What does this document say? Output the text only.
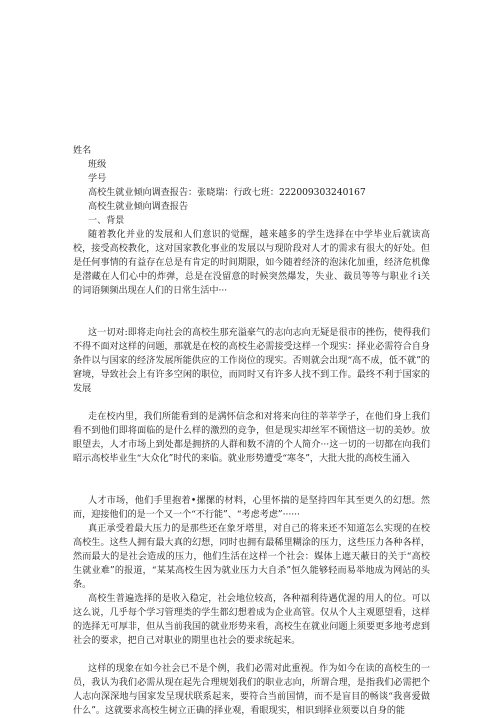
姓名
班级
学号
高校生就业倾向调查报告：张晓瑞：行政七班：222009303240167
高校生就业倾向调查报告
一、背景
随着教化并业的发展和人们意识的觉醒，越来越多的学生选择在中学毕业后就读高校，接受高校教化，这对国家教化事业的发展以与现阶段对人才的需求有很大的好处。但是任何事情的有益存在总是有肯定的时间期限，如今随着经济的泡沫化加重，经济危机像是潜藏在人们心中的炸弹，总是在没留意的时候突然爆发，失业、裁员等等与职业彳i关的词语频频出现在人们的日常生活中···
这一切对:即将走向社会的高校生那充溢豪气的志向志向无疑是很市的挫伤，使得我们不得不面对这样的问题，那就是在校的高校生必需接受这样一个现实：择业必需符合自身条件以与国家的经济发展所能供应的工作岗位的现实。否则就会出现“高不成，低不就”的窘境，导致社会上有许多空闲的职位，而同时又有许多人找不到工作。最终不利于国家的发展
走在校内里，我们所能看到的是满怀信念和对将来向往的莘莘学子，在他们身上我们看不到他们即将面临的是什么样的激烈的竞争，但是现实却丝军不顾惜这一切的美妙。放眼望去，人才市场上到处都是拥挤的人群和数不清的个人简介···这一切的一切都在向我们昭示高校毕业生“大众化”时代的来临。就业形势遭受“寒冬”，大批大批的高校生涌入
人才市场，他们手里抱着•摞摞的材料，心里怀揣的是坚持四年其至更久的幻想。然而，迎接他们的是一个又一个“不行能”、“考虑考虑”······
真正承受着最大压力的是那些还在象牙塔里，对自己的将来还不知道怎么实现的在校高校生。这些人拥有最大真的幻想，同时也拥有最稀里糊涂的压力，这些压力各种各样，然而最大的是社会造成的压力，他们生活在这样一个社会：媒体上遮天蔽日的关于“高校生就业难”的报道，“某某高校生因为就业压力大自杀”恒久能够轻而易举地成为网站的头条。
高校生普遍选择的是收入稳定，社会地位较高，各种福利待遇优渥的用人的位。可以这么说，几乎每个学习管理类的学生都幻想着成为企业高管。仅从个人主观愿望看，这样的选择无可厚非，但从当前我国的就业形势来看，高校生在就业问题上须要更多地考虑到社会的要求，把自己对职业的期里也社会的要求统起来。
这样的现象在如今社会已不是个例，我们必需对此重视。作为如今在读的高校生的一员，我认为我们必需从现在起先合理规划我们的职业志向，所谓合理，是指我们必需把个人志向深深地与国家发呈现状联系起来，要符合当前国情，而不是盲目的畅谈“我喜爱做什么”。这就要求高校生树立正确的择业观，看眼现实，相识到择业须要以自身的能
